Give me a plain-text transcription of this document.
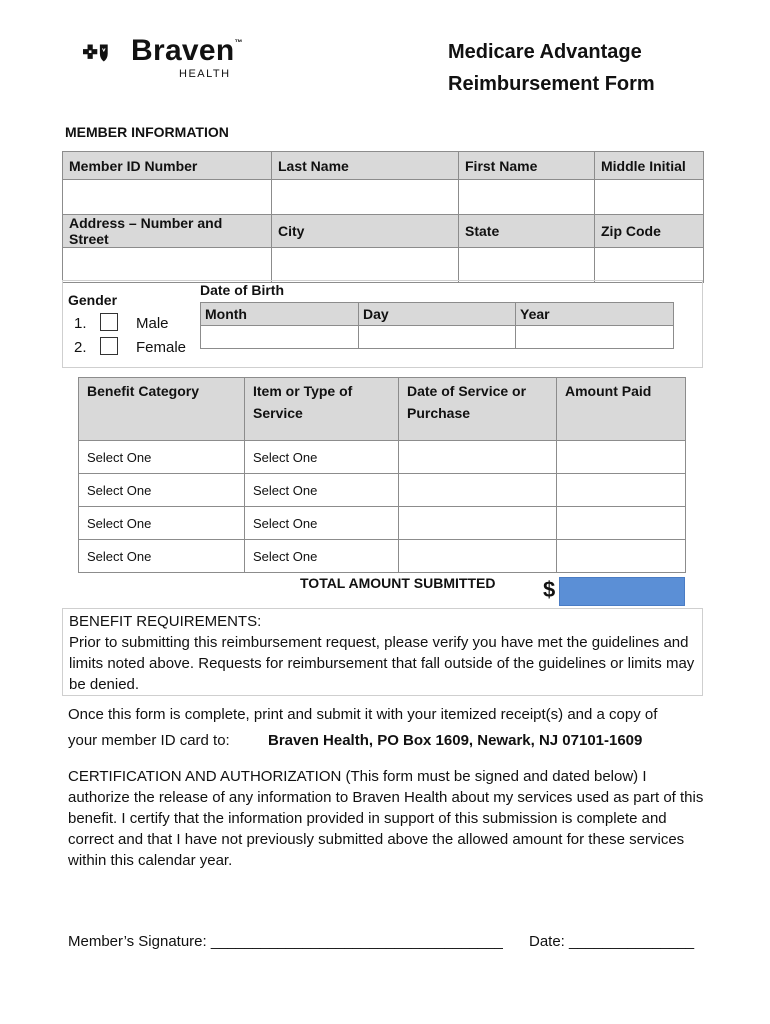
Braven™
HEALTH
Medicare Advantage
Reimbursement Form
MEMBER INFORMATION
Member ID Number	Last Name	First Name	Middle Initial

Address – Number and Street	City	State	Zip Code

Gender
1.	Male
2.	Female
Date of Birth
Month	Day	Year

Benefit Category	Item or Type of Service	Date of Service or Purchase	Amount Paid
Select One	Select One		
Select One	Select One		
Select One	Select One		
Select One	Select One		
TOTAL AMOUNT SUBMITTED $
BENEFIT REQUIREMENTS:
Prior to submitting this reimbursement request, please verify you have met the guidelines and limits noted above. Requests for reimbursement that fall outside of the guidelines or limits may be denied.
Once this form is complete, print and submit it with your itemized receipt(s) and a copy of
your member ID card to:	Braven Health, PO Box 1609, Newark, NJ 07101-1609
CERTIFICATION AND AUTHORIZATION (This form must be signed and dated below) I authorize the release of any information to Braven Health about my services used as part of this benefit. I certify that the information provided in support of this submission is complete and correct and that I have not previously submitted above the allowed amount for these services within this calendar year.
Member’s Signature: ___________________________________ Date: _______________
